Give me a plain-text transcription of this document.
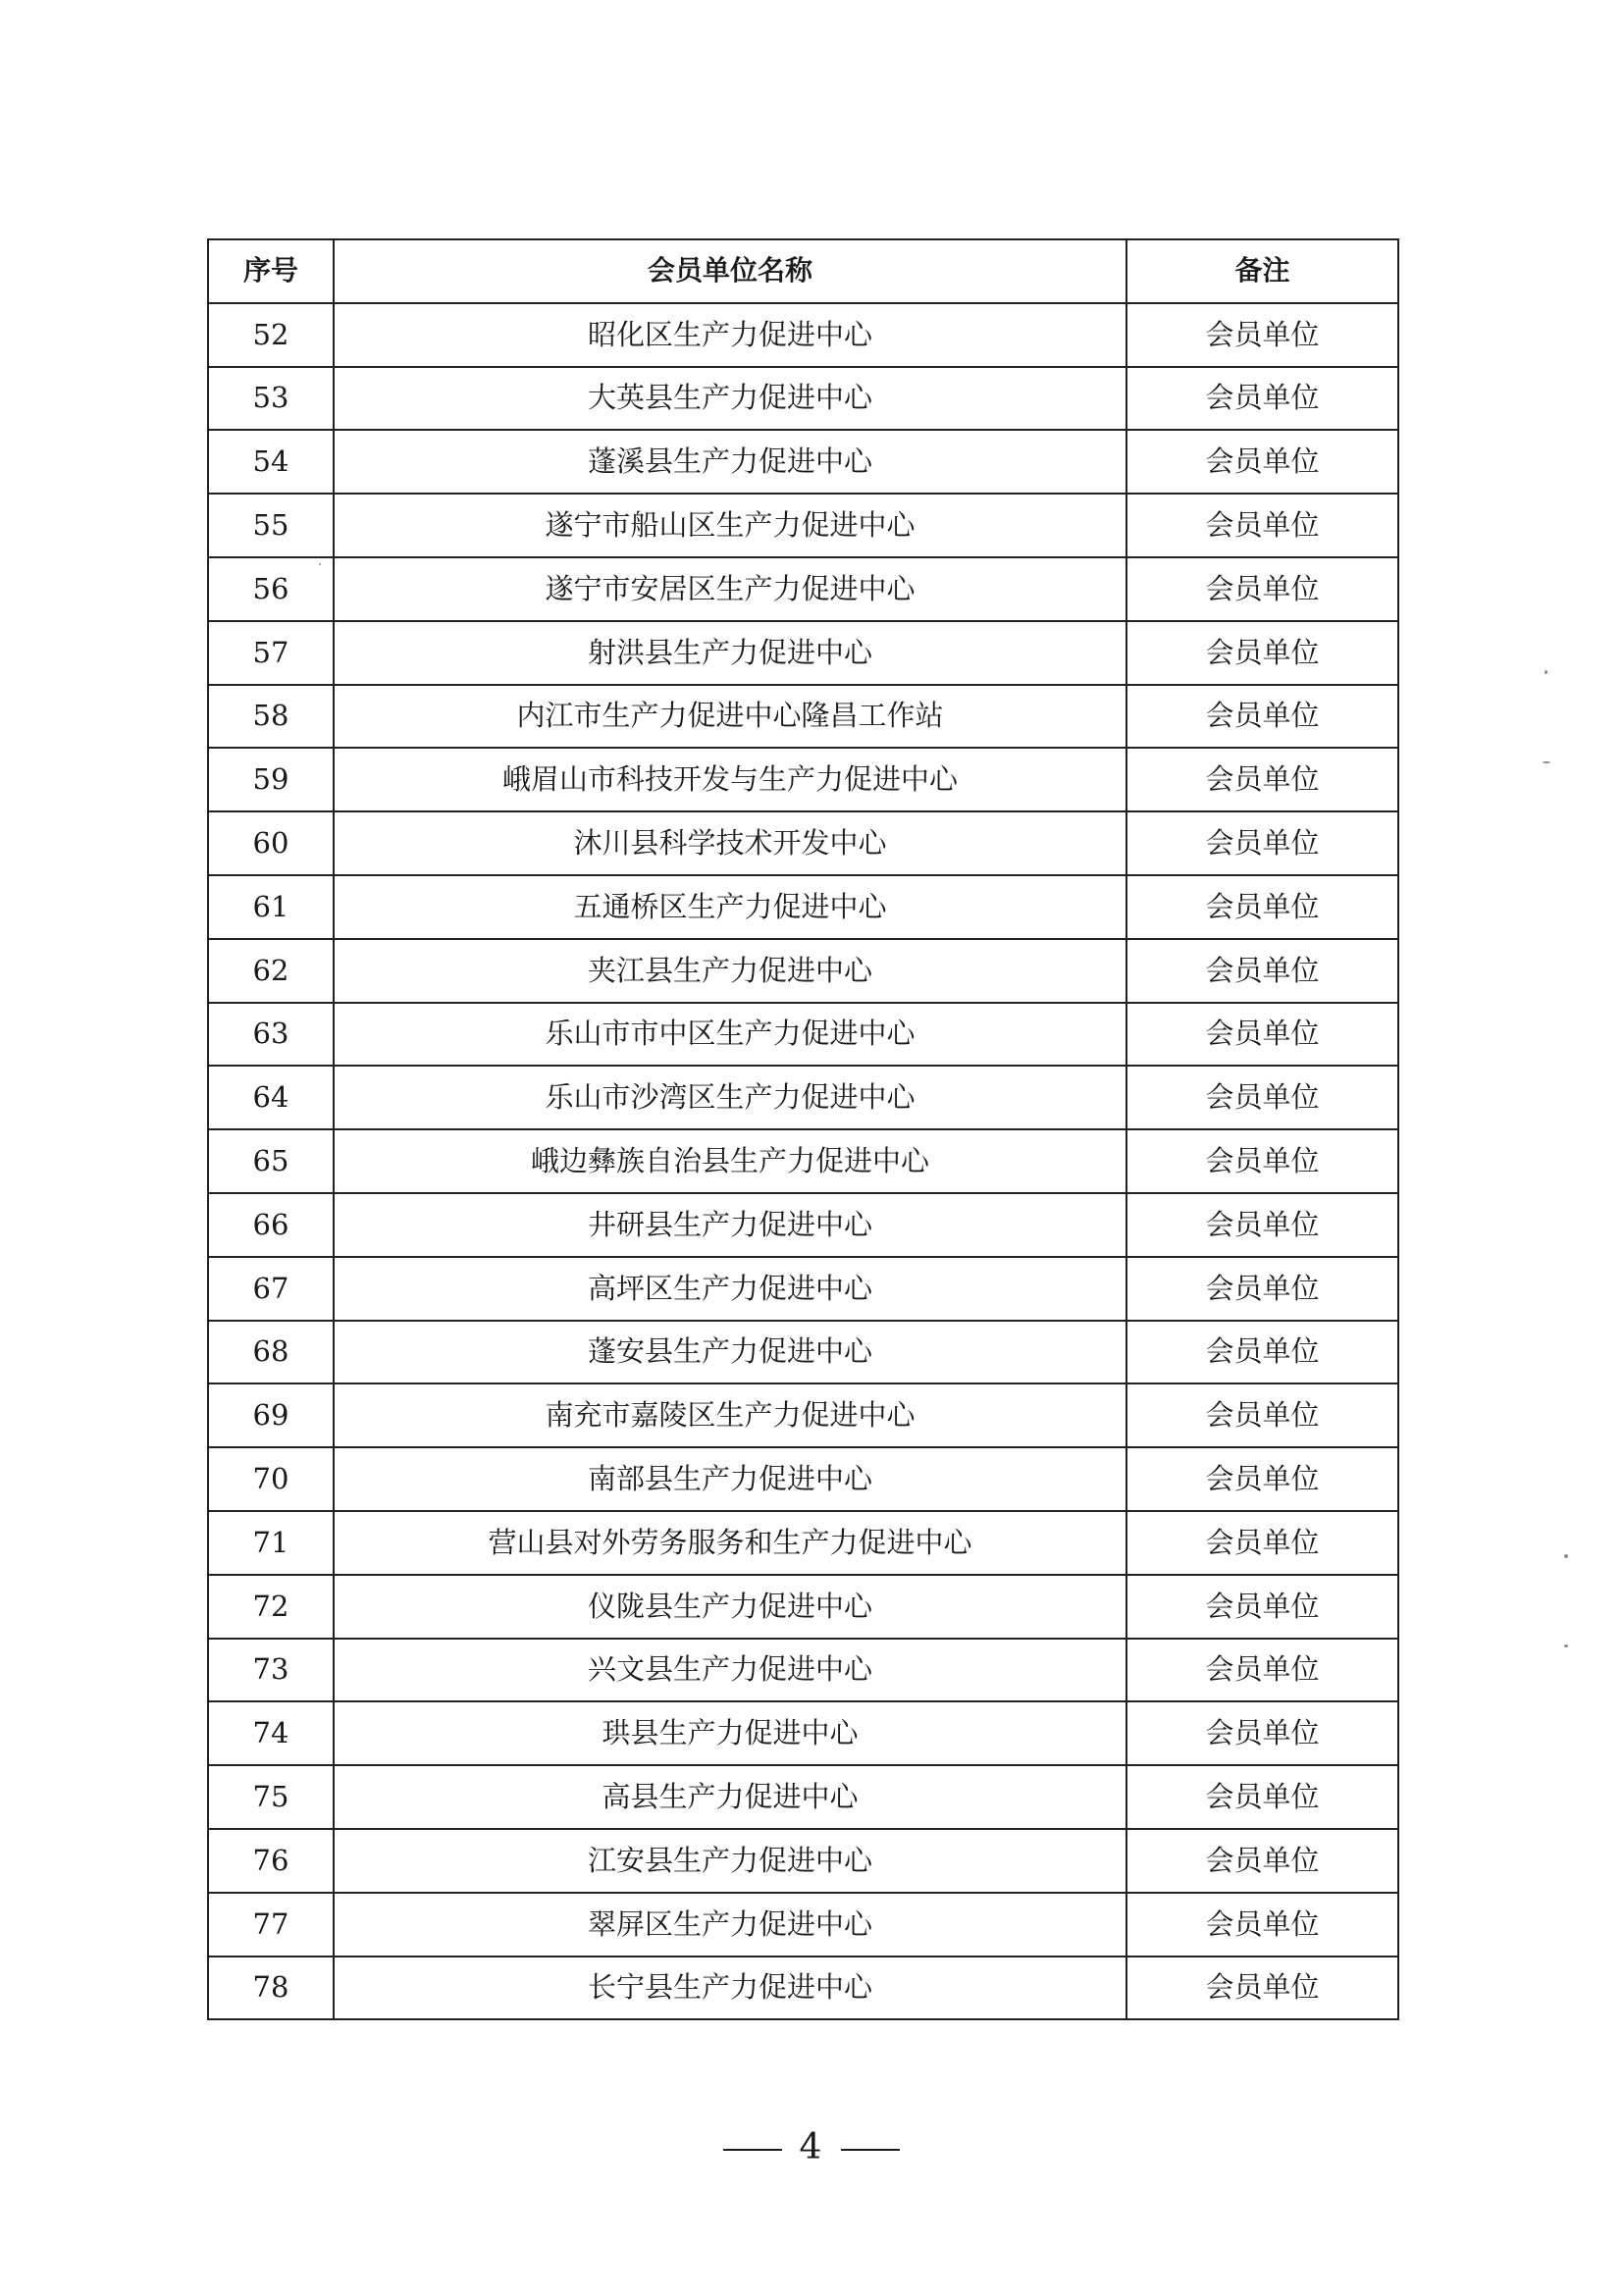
序号	会员单位名称	备注
52	昭化区生产力促进中心	会员单位
53	大英县生产力促进中心	会员单位
54	蓬溪县生产力促进中心	会员单位
55	遂宁市船山区生产力促进中心	会员单位
56	遂宁市安居区生产力促进中心	会员单位
57	射洪县生产力促进中心	会员单位
58	内江市生产力促进中心隆昌工作站	会员单位
59	峨眉山市科技开发与生产力促进中心	会员单位
60	沐川县科学技术开发中心	会员单位
61	五通桥区生产力促进中心	会员单位
62	夹江县生产力促进中心	会员单位
63	乐山市市中区生产力促进中心	会员单位
64	乐山市沙湾区生产力促进中心	会员单位
65	峨边彝族自治县生产力促进中心	会员单位
66	井研县生产力促进中心	会员单位
67	高坪区生产力促进中心	会员单位
68	蓬安县生产力促进中心	会员单位
69	南充市嘉陵区生产力促进中心	会员单位
70	南部县生产力促进中心	会员单位
71	营山县对外劳务服务和生产力促进中心	会员单位
72	仪陇县生产力促进中心	会员单位
73	兴文县生产力促进中心	会员单位
74	珙县生产力促进中心	会员单位
75	高县生产力促进中心	会员单位
76	江安县生产力促进中心	会员单位
77	翠屏区生产力促进中心	会员单位
78	长宁县生产力促进中心	会员单位
4
